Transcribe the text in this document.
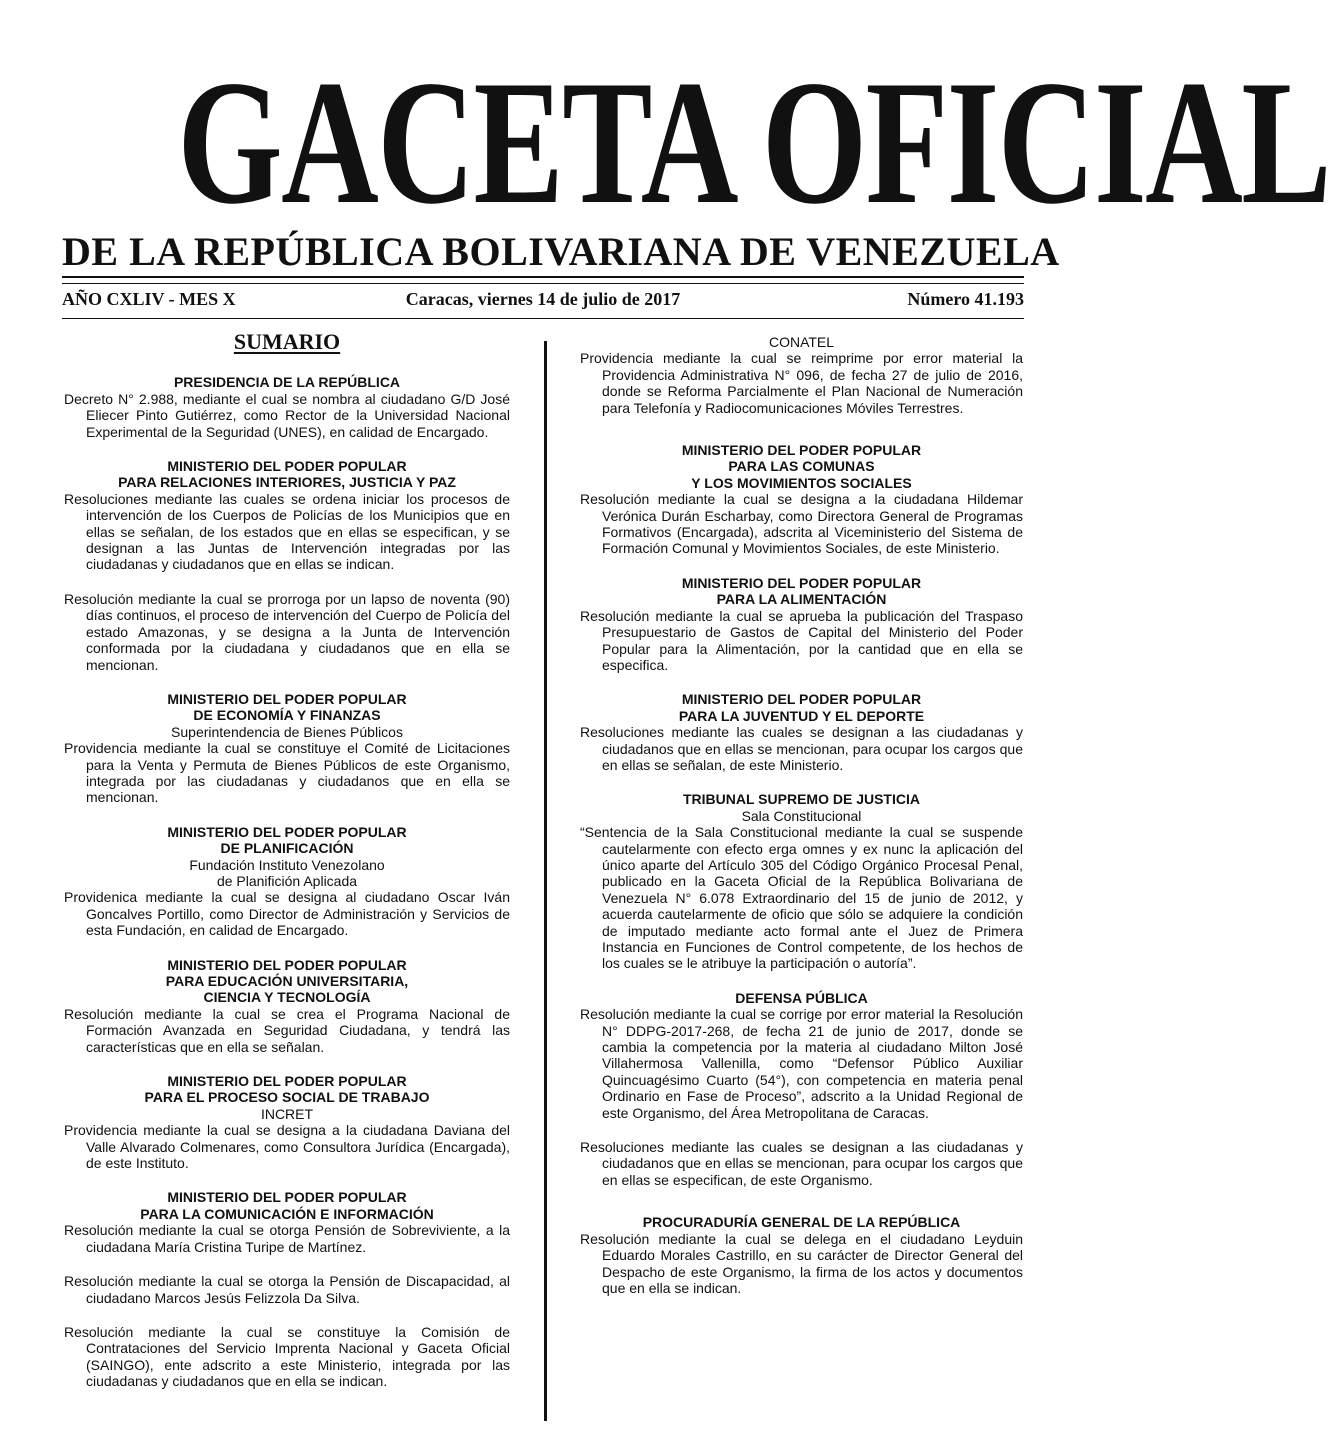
GACETA OFICIAL
DE LA REPÚBLICA BOLIVARIANA DE VENEZUELA
AÑO CXLIV - MES X	Caracas, viernes 14 de julio de 2017	Número 41.193
SUMARIO
PRESIDENCIA DE LA REPÚBLICA
Decreto N° 2.988, mediante el cual se nombra al ciudadano G/D José Eliecer Pinto Gutiérrez, como Rector de la Universidad Nacional Experimental de la Seguridad (UNES), en calidad de Encargado.
MINISTERIO DEL PODER POPULAR
PARA RELACIONES INTERIORES, JUSTICIA Y PAZ
Resoluciones mediante las cuales se ordena iniciar los procesos de intervención de los Cuerpos de Policías de los Municipios que en ellas se señalan, de los estados que en ellas se especifican, y se designan a las Juntas de Intervención integradas por las ciudadanas y ciudadanos que en ellas se indican.
Resolución mediante la cual se prorroga por un lapso de noventa (90) días continuos, el proceso de intervención del Cuerpo de Policía del estado Amazonas, y se designa a la Junta de Intervención conformada por la ciudadana y ciudadanos que en ella se mencionan.
MINISTERIO DEL PODER POPULAR
DE ECONOMÍA Y FINANZAS
Superintendencia de Bienes Públicos
Providencia mediante la cual se constituye el Comité de Licitaciones para la Venta y Permuta de Bienes Públicos de este Organismo, integrada por las ciudadanas y ciudadanos que en ella se mencionan.
MINISTERIO DEL PODER POPULAR
DE PLANIFICACIÓN
Fundación Instituto Venezolano
de Planifición Aplicada
Providenica mediante la cual se designa al ciudadano Oscar Iván Goncalves Portillo, como Director de Administración y Servicios de esta Fundación, en calidad de Encargado.
MINISTERIO DEL PODER POPULAR
PARA EDUCACIÓN UNIVERSITARIA,
CIENCIA Y TECNOLOGÍA
Resolución mediante la cual se crea el Programa Nacional de Formación Avanzada en Seguridad Ciudadana, y tendrá las características que en ella se señalan.
MINISTERIO DEL PODER POPULAR
PARA EL PROCESO SOCIAL DE TRABAJO
INCRET
Providencia mediante la cual se designa a la ciudadana Daviana del Valle Alvarado Colmenares, como Consultora Jurídica (Encargada), de este Instituto.
MINISTERIO DEL PODER POPULAR
PARA LA COMUNICACIÓN E INFORMACIÓN
Resolución mediante la cual se otorga Pensión de Sobreviviente, a la ciudadana María Cristina Turipe de Martínez.
Resolución mediante la cual se otorga la Pensión de Discapacidad, al ciudadano Marcos Jesús Felizzola Da Silva.
Resolución mediante la cual se constituye la Comisión de Contrataciones del Servicio Imprenta Nacional y Gaceta Oficial (SAINGO), ente adscrito a este Ministerio, integrada por las ciudadanas y ciudadanos que en ella se indican.
CONATEL
Providencia mediante la cual se reimprime por error material la Providencia Administrativa N° 096, de fecha 27 de julio de 2016, donde se Reforma Parcialmente el Plan Nacional de Numeración para Telefonía y Radiocomunicaciones Móviles Terrestres.
MINISTERIO DEL PODER POPULAR
PARA LAS COMUNAS
Y LOS MOVIMIENTOS SOCIALES
Resolución mediante la cual se designa a la ciudadana Hildemar Verónica Durán Escharbay, como Directora General de Programas Formativos (Encargada), adscrita al Viceministerio del Sistema de Formación Comunal y Movimientos Sociales, de este Ministerio.
MINISTERIO DEL PODER POPULAR
PARA LA ALIMENTACIÓN
Resolución mediante la cual se aprueba la publicación del Traspaso Presupuestario de Gastos de Capital del Ministerio del Poder Popular para la Alimentación, por la cantidad que en ella se especifica.
MINISTERIO DEL PODER POPULAR
PARA LA JUVENTUD Y EL DEPORTE
Resoluciones mediante las cuales se designan a las ciudadanas y ciudadanos que en ellas se mencionan, para ocupar los cargos que en ellas se señalan, de este Ministerio.
TRIBUNAL SUPREMO DE JUSTICIA
Sala Constitucional
“Sentencia de la Sala Constitucional mediante la cual se suspende cautelarmente con efecto erga omnes y ex nunc la aplicación del único aparte del Artículo 305 del Código Orgánico Procesal Penal, publicado en la Gaceta Oficial de la República Bolivariana de Venezuela N° 6.078 Extraordinario del 15 de junio de 2012, y acuerda cautelarmente de oficio que sólo se adquiere la condición de imputado mediante acto formal ante el Juez de Primera Instancia en Funciones de Control competente, de los hechos de los cuales se le atribuye la participación o autoría”.
DEFENSA PÚBLICA
Resolución mediante la cual se corrige por error material la Resolución N° DDPG-2017-268, de fecha 21 de junio de 2017, donde se cambia la competencia por la materia al ciudadano Milton José Villahermosa Vallenilla, como “Defensor Público Auxiliar Quincuagésimo Cuarto (54°), con competencia en materia penal Ordinario en Fase de Proceso”, adscrito a la Unidad Regional de este Organismo, del Área Metropolitana de Caracas.
Resoluciones mediante las cuales se designan a las ciudadanas y ciudadanos que en ellas se mencionan, para ocupar los cargos que en ellas se especifican, de este Organismo.
PROCURADURÍA GENERAL DE LA REPÚBLICA
Resolución mediante la cual se delega en el ciudadano Leyduin Eduardo Morales Castrillo, en su carácter de Director General del Despacho de este Organismo, la firma de los actos y documentos que en ella se indican.
